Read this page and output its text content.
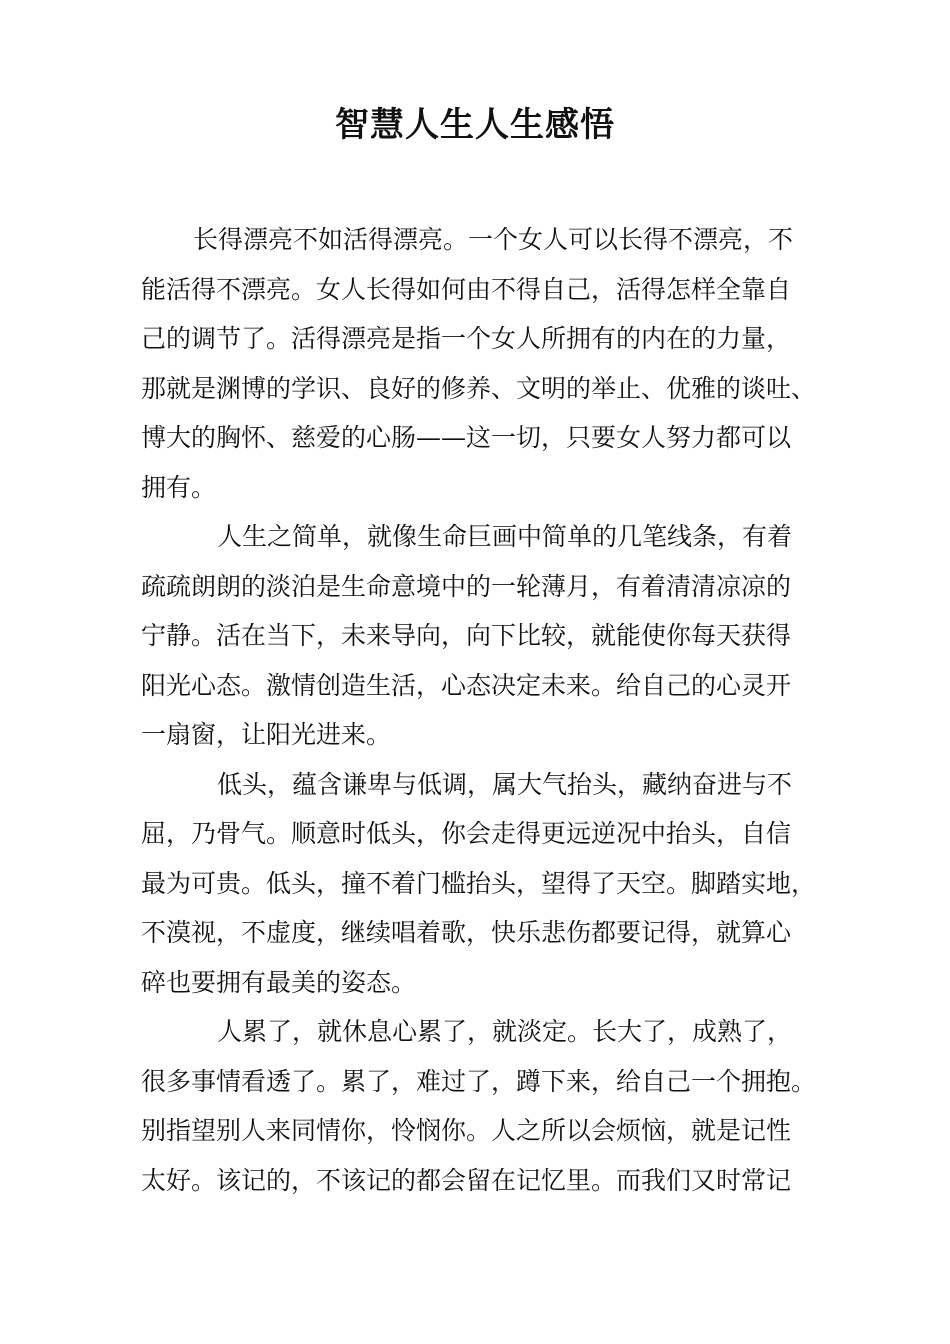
智慧人生人生感悟
长得漂亮不如活得漂亮。一个女人可以长得不漂亮，不
能活得不漂亮。女人长得如何由不得自己，活得怎样全靠自
己的调节了。活得漂亮是指一个女人所拥有的内在的力量，
那就是渊博的学识、良好的修养、文明的举止、优雅的谈吐、
博大的胸怀、慈爱的心肠——这一切，只要女人努力都可以
拥有。
人生之简单，就像生命巨画中简单的几笔线条，有着
疏疏朗朗的淡泊是生命意境中的一轮薄月，有着清清凉凉的
宁静。活在当下，未来导向，向下比较，就能使你每天获得
阳光心态。激情创造生活，心态决定未来。给自己的心灵开
一扇窗，让阳光进来。
低头，蕴含谦卑与低调，属大气抬头，藏纳奋进与不
屈，乃骨气。顺意时低头，你会走得更远逆况中抬头，自信
最为可贵。低头，撞不着门槛抬头，望得了天空。脚踏实地，
不漠视，不虚度，继续唱着歌，快乐悲伤都要记得，就算心
碎也要拥有最美的姿态。
人累了，就休息心累了，就淡定。长大了，成熟了，
很多事情看透了。累了，难过了，蹲下来，给自己一个拥抱。
别指望别人来同情你，怜悯你。人之所以会烦恼，就是记性
太好。该记的，不该记的都会留在记忆里。而我们又时常记
